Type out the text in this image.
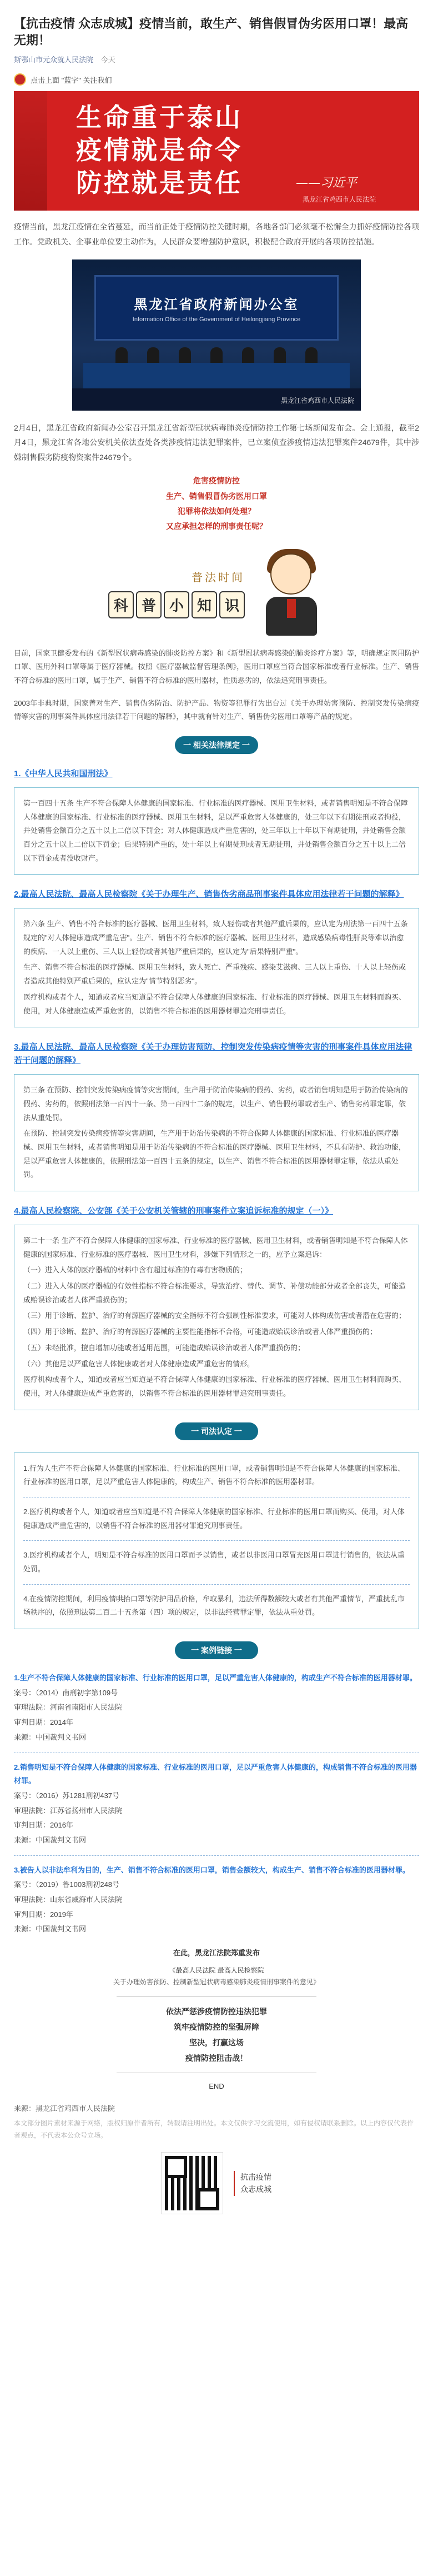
【抗击疫情 众志成城】疫情当前，敢生产、销售假冒伪劣医用口罩！最高无期！
斯鄂山市元众就人民法院 今天
点击上面 "蓝字" 关注我们
生命重于泰山
疫情就是命令
防控就是责任	——习近平
黑龙江省鸡西市人民法院

疫情当前，黑龙江疫情在全省蔓延，而当前正处于疫情防控关键时期，各地各部门必须毫不松懈全力抓好疫情防控各项工作。党政机关、企事业单位要主动作为，人民群众要增强防护意识，积极配合政府开展的各项防控措施。

黑龙江省政府新闻办公室
Information Office of the Government of Heilongjiang Province
黑龙江省鸡西市人民法院

2月4日，黑龙江省政府新闻办公室召开黑龙江省新型冠状病毒肺炎疫情防控工作第七场新闻发布会。会上通报，截至2月4日，黑龙江省各地公安机关依法查处各类涉疫情违法犯罪案件，已立案侦查涉疫情违法犯罪案件24679件，其中涉嫌制售假劣防疫物资案件24679个。

危害疫情防控
生产、销售假冒伪劣医用口罩
犯罪将依法如何处理？
又应承担怎样的刑事责任呢？
普法时间
科 普 小 知 识

目前，国家卫健委发布的《新型冠状病毒感染的肺炎防控方案》和《新型冠状病毒感染的肺炎诊疗方案》等，明确规定医用防护口罩、医用外科口罩等属于医疗器械。按照《医疗器械监督管理条例》，医用口罩应当符合国家标准或者行业标准。生产、销售不符合标准的医用口罩，属于生产、销售不符合标准的医用器材，性质恶劣的，依法追究刑事责任。

2003年非典时期，国家曾对生产、销售伪劣防治、防护产品、物资等犯罪行为出台过《关于办理妨害预防、控制突发传染病疫情等灾害的刑事案件具体应用法律若干问题的解释》，其中就有针对生产、销售伪劣医用口罩等产品的规定。

一 相关法律规定 一
1.《中华人民共和国刑法》

第一百四十五条 生产不符合保障人体健康的国家标准、行业标准的医疗器械、医用卫生材料，或者销售明知是不符合保障人体健康的国家标准、行业标准的医疗器械、医用卫生材料，足以严重危害人体健康的，处三年以下有期徒刑或者拘役，并处销售金额百分之五十以上二倍以下罚金；对人体健康造成严重危害的，处三年以上十年以下有期徒刑，并处销售金额百分之五十以上二倍以下罚金；后果特别严重的，处十年以上有期徒刑或者无期徒刑，并处销售金额百分之五十以上二倍以下罚金或者没收财产。

2.最高人民法院、最高人民检察院《关于办理生产、销售伪劣商品刑事案件具体应用法律若干问题的解释》

第六条 生产、销售不符合标准的医疗器械、医用卫生材料，致人轻伤或者其他严重后果的，应认定为刑法第一百四十五条规定的"对人体健康造成严重危害"。生产、销售不符合标准的医疗器械、医用卫生材料，造成感染病毒性肝炎等难以治愈的疾病、一人以上重伤、三人以上轻伤或者其他严重后果的，应认定为"后果特别严重"。

生产、销售不符合标准的医疗器械、医用卫生材料，致人死亡、严重残疾、感染艾滋病、三人以上重伤、十人以上轻伤或者造成其他特别严重后果的，应认定为"情节特别恶劣"。

医疗机构或者个人，知道或者应当知道是不符合保障人体健康的国家标准、行业标准的医疗器械、医用卫生材料而购买、使用，对人体健康造成严重危害的，以销售不符合标准的医用器材罪追究刑事责任。

3.最高人民法院、最高人民检察院《关于办理妨害预防、控制突发传染病疫情等灾害的刑事案件具体应用法律若干问题的解释》

第三条 在预防、控制突发传染病疫情等灾害期间，生产用于防治传染病的假药、劣药，或者销售明知是用于防治传染病的假药、劣药的，依照刑法第一百四十一条、第一百四十二条的规定，以生产、销售假药罪或者生产、销售劣药罪定罪，依法从重处罚。

在预防、控制突发传染病疫情等灾害期间，生产用于防治传染病的不符合保障人体健康的国家标准、行业标准的医疗器械、医用卫生材料，或者销售明知是用于防治传染病的不符合标准的医疗器械、医用卫生材料，不具有防护、救治功能，足以严重危害人体健康的，依照刑法第一百四十五条的规定，以生产、销售不符合标准的医用器材罪定罪，依法从重处罚。

4.最高人民检察院、公安部《关于公安机关管辖的刑事案件立案追诉标准的规定（一）》

第二十一条 生产不符合保障人体健康的国家标准、行业标准的医疗器械、医用卫生材料，或者销售明知是不符合保障人体健康的国家标准、行业标准的医疗器械、医用卫生材料，涉嫌下列情形之一的，应予立案追诉：

（一）进入人体的医疗器械的材料中含有超过标准的有毒有害物质的；

（二）进入人体的医疗器械的有效性指标不符合标准要求，导致治疗、替代、调节、补偿功能部分或者全部丧失，可能造成贻误诊治或者人体严重损伤的；

（三）用于诊断、监护、治疗的有源医疗器械的安全指标不符合强制性标准要求，可能对人体构成伤害或者潜在危害的；

（四）用于诊断、监护、治疗的有源医疗器械的主要性能指标不合格，可能造成贻误诊治或者人体严重损伤的；

（五）未经批准，擅自增加功能或者适用范围，可能造成贻误诊治或者人体严重损伤的；

（六）其他足以严重危害人体健康或者对人体健康造成严重危害的情形。

医疗机构或者个人，知道或者应当知道是不符合保障人体健康的国家标准、行业标准的医疗器械、医用卫生材料而购买、使用，对人体健康造成严重危害的，以销售不符合标准的医用器材罪追究刑事责任。

一 司法认定 一

1.行为人生产不符合保障人体健康的国家标准、行业标准的医用口罩，或者销售明知是不符合保障人体健康的国家标准、行业标准的医用口罩，足以严重危害人体健康的，构成生产、销售不符合标准的医用器材罪。

2.医疗机构或者个人，知道或者应当知道是不符合保障人体健康的国家标准、行业标准的医用口罩而购买、使用，对人体健康造成严重危害的，以销售不符合标准的医用器材罪追究刑事责任。

3.医疗机构或者个人，明知是不符合标准的医用口罩而予以销售，或者以非医用口罩冒充医用口罩进行销售的，依法从重处罚。

4.在疫情防控期间，利用疫情哄抬口罩等防护用品价格，牟取暴利，违法所得数额较大或者有其他严重情节，严重扰乱市场秩序的，依照刑法第二百二十五条第（四）项的规定，以非法经营罪定罪，依法从重处罚。

一 案例链接 一
1.生产不符合保障人体健康的国家标准、行业标准的医用口罩，足以严重危害人体健康的，构成生产不符合标准的医用器材罪。
案号：（2014）南刑初字第109号
审理法院：河南省南阳市人民法院
审判日期：2014年
来源：中国裁判文书网
2.销售明知是不符合保障人体健康的国家标准、行业标准的医用口罩，足以严重危害人体健康的，构成销售不符合标准的医用器材罪。
案号：（2016）苏1281刑初437号
审理法院：江苏省扬州市人民法院
审判日期：2016年
来源：中国裁判文书网
3.被告人以非法牟利为目的，生产、销售不符合标准的医用口罩，销售金额较大，构成生产、销售不符合标准的医用器材罪。
案号：（2019）鲁1003刑初248号
审理法院：山东省威海市人民法院
审判日期：2019年
来源：中国裁判文书网
在此，黑龙江法院郑重发布
《最高人民法院 最高人民检察院
关于办理妨害预防、控制新型冠状病毒感染肺炎疫情刑事案件的意见》
依法严惩涉疫情防控违法犯罪
筑牢疫情防控的坚强屏障
坚决，打赢这场
疫情防控阻击战！
END
来源：黑龙江省鸡西市人民法院
本文部分图片素材来源于网络，版权归原作者所有，转载请注明出处。本文仅供学习交流使用，如有侵权请联系删除。以上内容仅代表作者观点，不代表本公众号立场。
抗击疫情
众志成城
